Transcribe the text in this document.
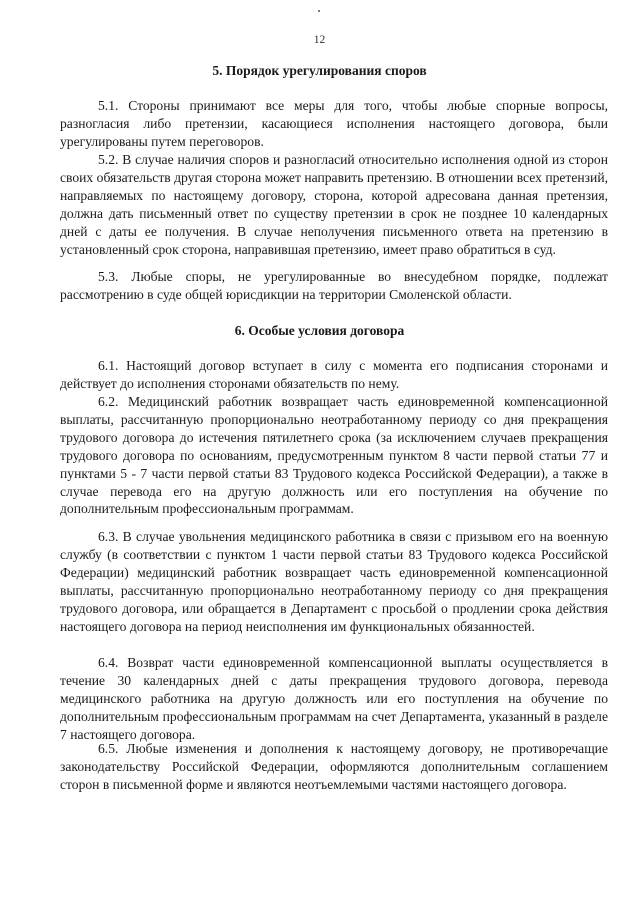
12
5. Порядок урегулирования споров

5.1. Стороны принимают все меры для того, чтобы любые спорные вопросы, разногласия либо претензии, касающиеся исполнения настоящего договора, были урегулированы путем переговоров.

5.2. В случае наличия споров и разногласий относительно исполнения одной из сторон своих обязательств другая сторона может направить претензию. В отношении всех претензий, направляемых по настоящему договору, сторона, которой адресована данная претензия, должна дать письменный ответ по существу претензии в срок не позднее 10 календарных дней с даты ее получения. В случае неполучения письменного ответа на претензию в установленный срок сторона, направившая претензию, имеет право обратиться в суд.

5.3. Любые споры, не урегулированные во внесудебном порядке, подлежат рассмотрению в суде общей юрисдикции на территории Смоленской области.

6. Особые условия договора

6.1. Настоящий договор вступает в силу с момента его подписания сторонами и действует до исполнения сторонами обязательств по нему.

6.2. Медицинский работник возвращает часть единовременной компенсационной выплаты, рассчитанную пропорционально неотработанному периоду со дня прекращения трудового договора до истечения пятилетнего срока (за исключением случаев прекращения трудового договора по основаниям, предусмотренным пунктом 8 части первой статьи 77 и пунктами 5 - 7 части первой статьи 83 Трудового кодекса Российской Федерации), а также в случае перевода его на другую должность или его поступления на обучение по дополнительным профессиональным программам.

6.3. В случае увольнения медицинского работника в связи с призывом его на военную службу (в соответствии с пунктом 1 части первой статьи 83 Трудового кодекса Российской Федерации) медицинский работник возвращает часть единовременной компенсационной выплаты, рассчитанную пропорционально неотработанному периоду со дня прекращения трудового договора, или обращается в Департамент с просьбой о продлении срока действия настоящего договора на период неисполнения им функциональных обязанностей.

6.4. Возврат части единовременной компенсационной выплаты осуществляется в течение 30 календарных дней с даты прекращения трудового договора, перевода медицинского работника на другую должность или его поступления на обучение по дополнительным профессиональным программам на счет Департамента, указанный в разделе 7 настоящего договора.

6.5. Любые изменения и дополнения к настоящему договору, не противоречащие законодательству Российской Федерации, оформляются дополнительным соглашением сторон в письменной форме и являются неотъемлемыми частями настоящего договора.
